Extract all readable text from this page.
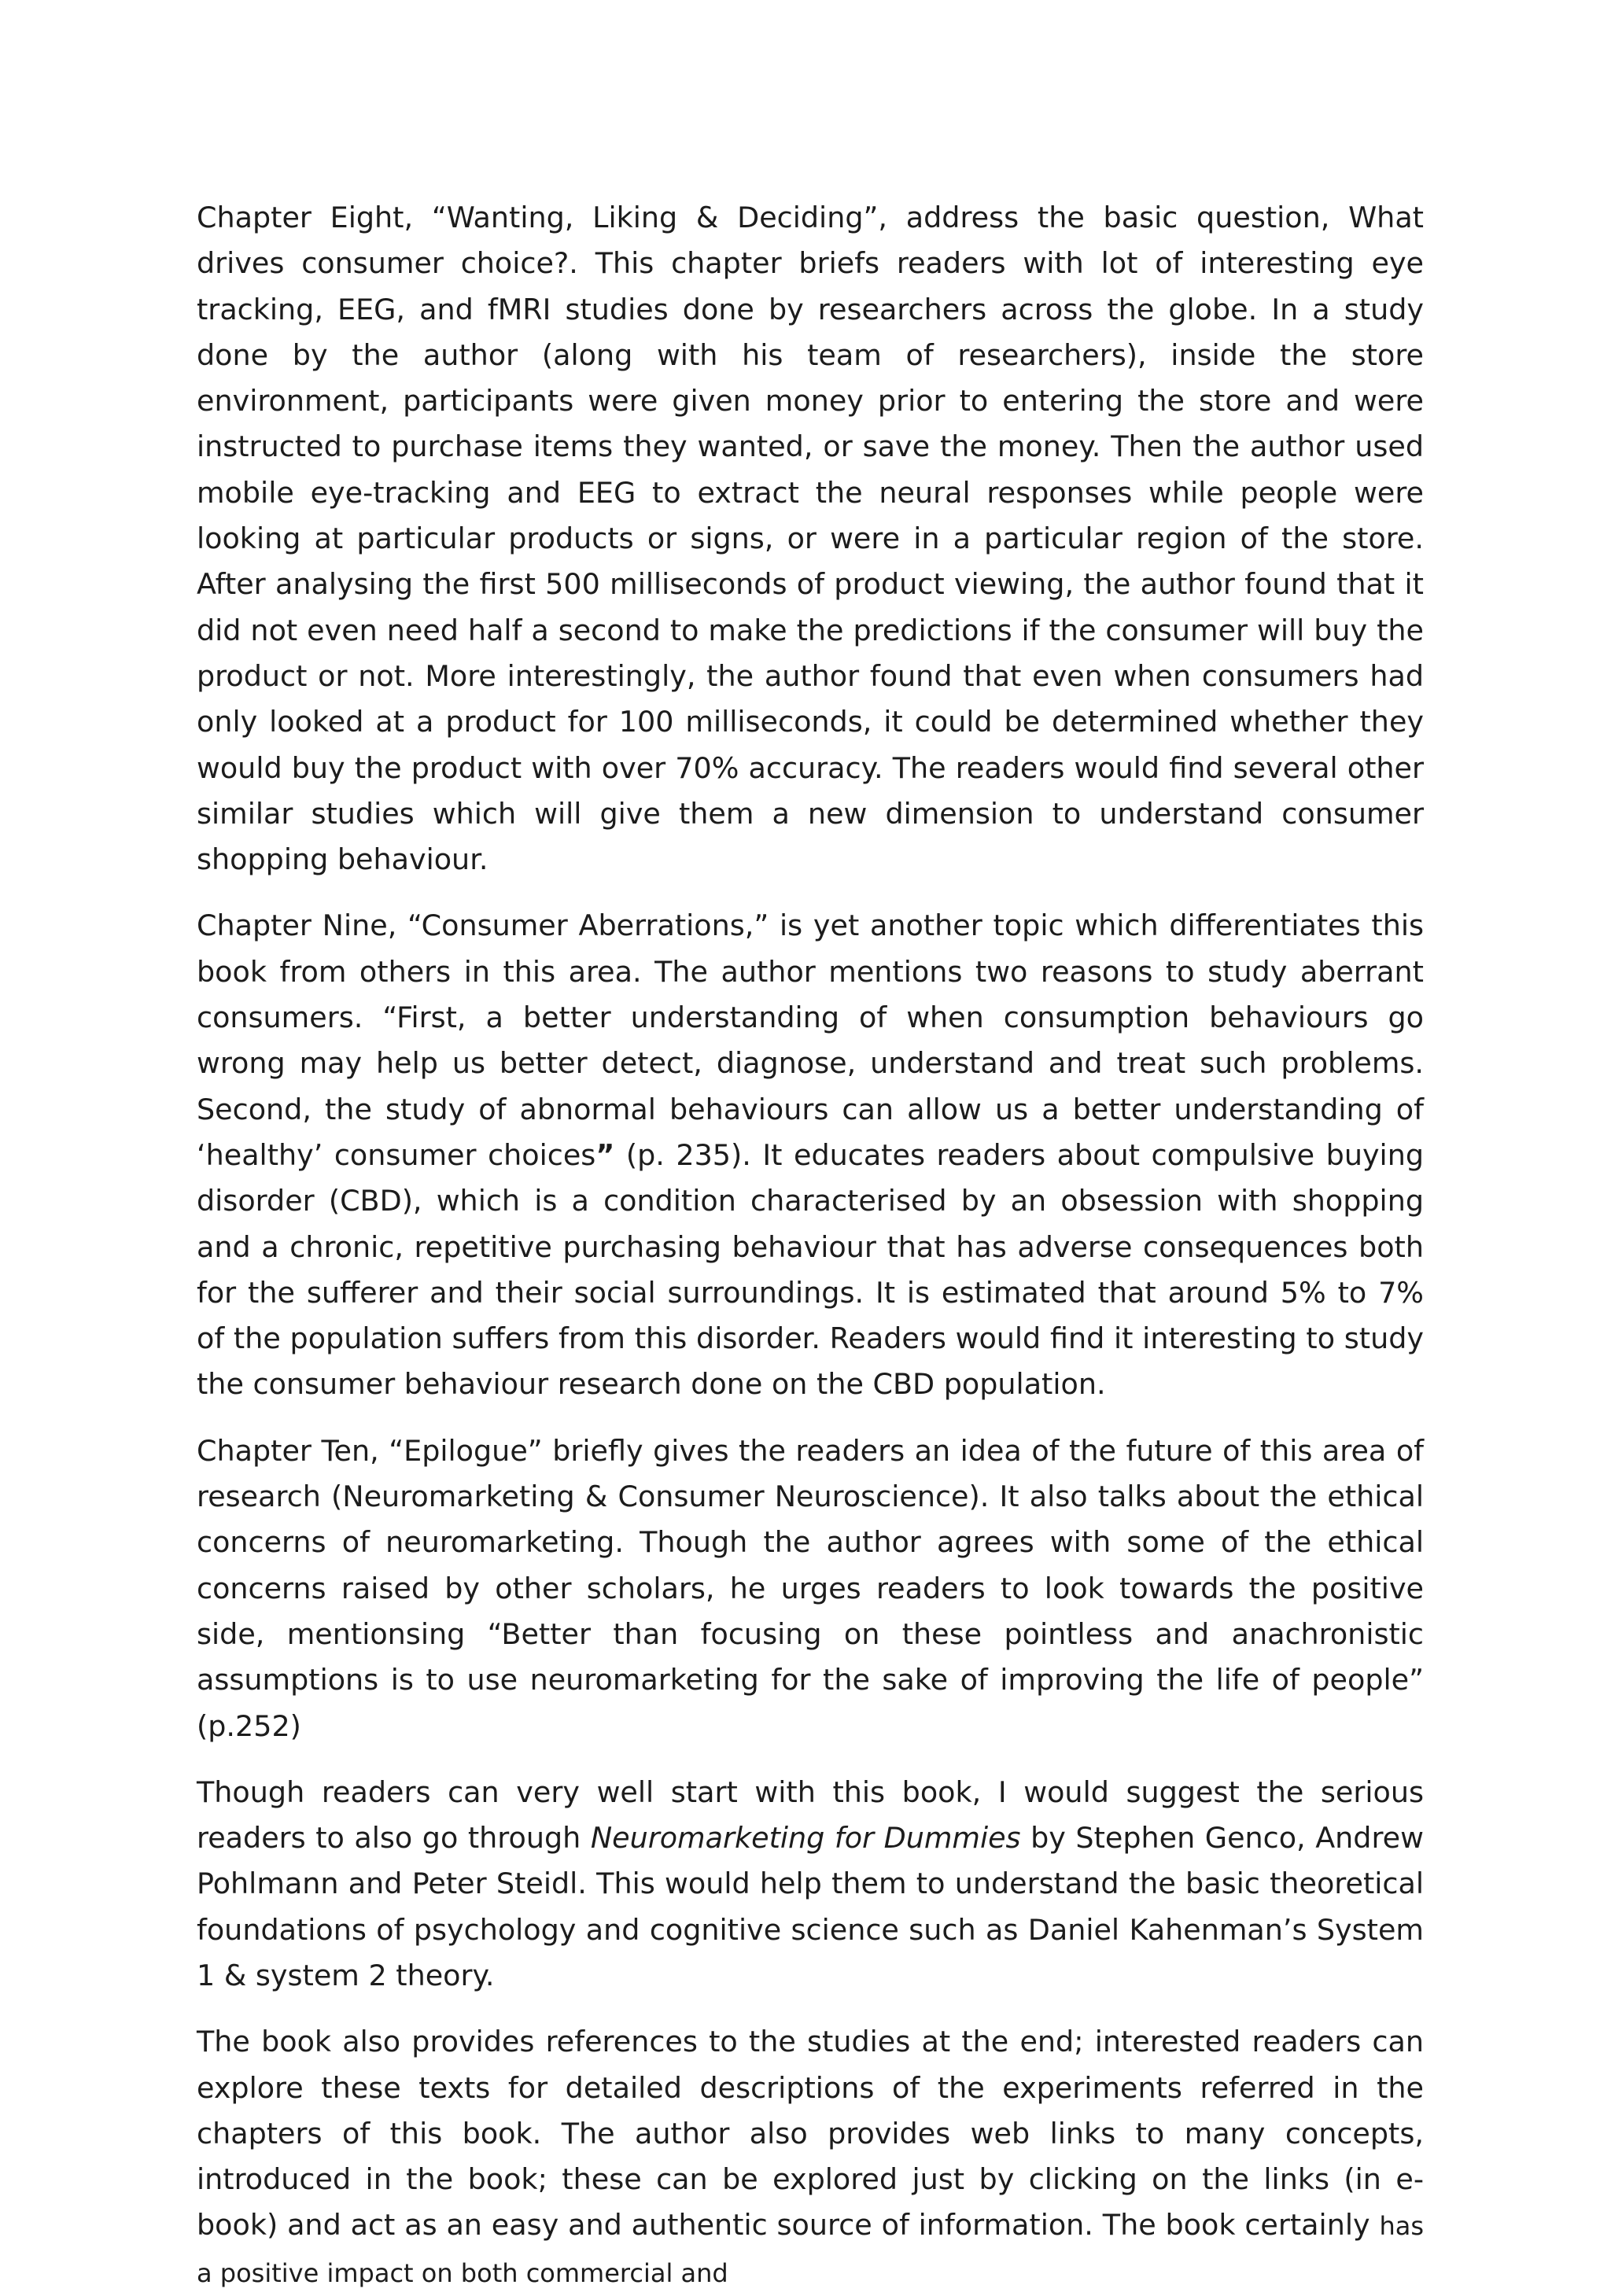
Chapter Eight, “Wanting, Liking & Deciding”, address the basic question, What drives consumer choice?. This chapter briefs readers with lot of interesting eye tracking, EEG, and fMRI studies done by researchers across the globe. In a study done by the author (along with his team of researchers), inside the store environment, participants were given money prior to entering the store and were instructed to purchase items they wanted, or save the money. Then the author used mobile eye-tracking and EEG to extract the neural responses while people were looking at particular products or signs, or were in a particular region of the store. After analysing the first 500 milliseconds of product viewing, the author found that it did not even need half a second to make the predictions if the consumer will buy the product or not. More interestingly, the author found that even when consumers had only looked at a product for 100 milliseconds, it could be determined whether they would buy the product with over 70% accuracy. The readers would find several other similar studies which will give them a new dimension to understand consumer shopping behaviour.

Chapter Nine, “Consumer Aberrations,” is yet another topic which differentiates this book from others in this area. The author mentions two reasons to study aberrant consumers. “First, a better understanding of when consumption behaviours go wrong may help us better detect, diagnose, understand and treat such problems. Second, the study of abnormal behaviours can allow us a better understanding of ‘healthy’ consumer choices” (p. 235). It educates readers about compulsive buying disorder (CBD), which is a condition characterised by an obsession with shopping and a chronic, repetitive purchasing behaviour that has adverse consequences both for the sufferer and their social surroundings. It is estimated that around 5% to 7% of the population suffers from this disorder. Readers would find it interesting to study the consumer behaviour research done on the CBD population.

Chapter Ten, “Epilogue” briefly gives the readers an idea of the future of this area of research (Neuromarketing & Consumer Neuroscience). It also talks about the ethical concerns of neuromarketing. Though the author agrees with some of the ethical concerns raised by other scholars, he urges readers to look towards the positive side, mentionsing “Better than focusing on these pointless and anachronistic assumptions is to use neuromarketing for the sake of improving the life of people” (p.252)

Though readers can very well start with this book, I would suggest the serious readers to also go through Neuromarketing for Dummies by Stephen Genco, Andrew Pohlmann and Peter Steidl. This would help them to understand the basic theoretical foundations of psychology and cognitive science such as Daniel Kahenman’s System 1 & system 2 theory.

The book also provides references to the studies at the end; interested readers can explore these texts for detailed descriptions of the experiments referred in the chapters of this book. The author also provides web links to many concepts, introduced in the book; these can be explored just by clicking on the links (in e-book) and act as an easy and authentic source of information. The book certainly has a positive impact on both commercial and
